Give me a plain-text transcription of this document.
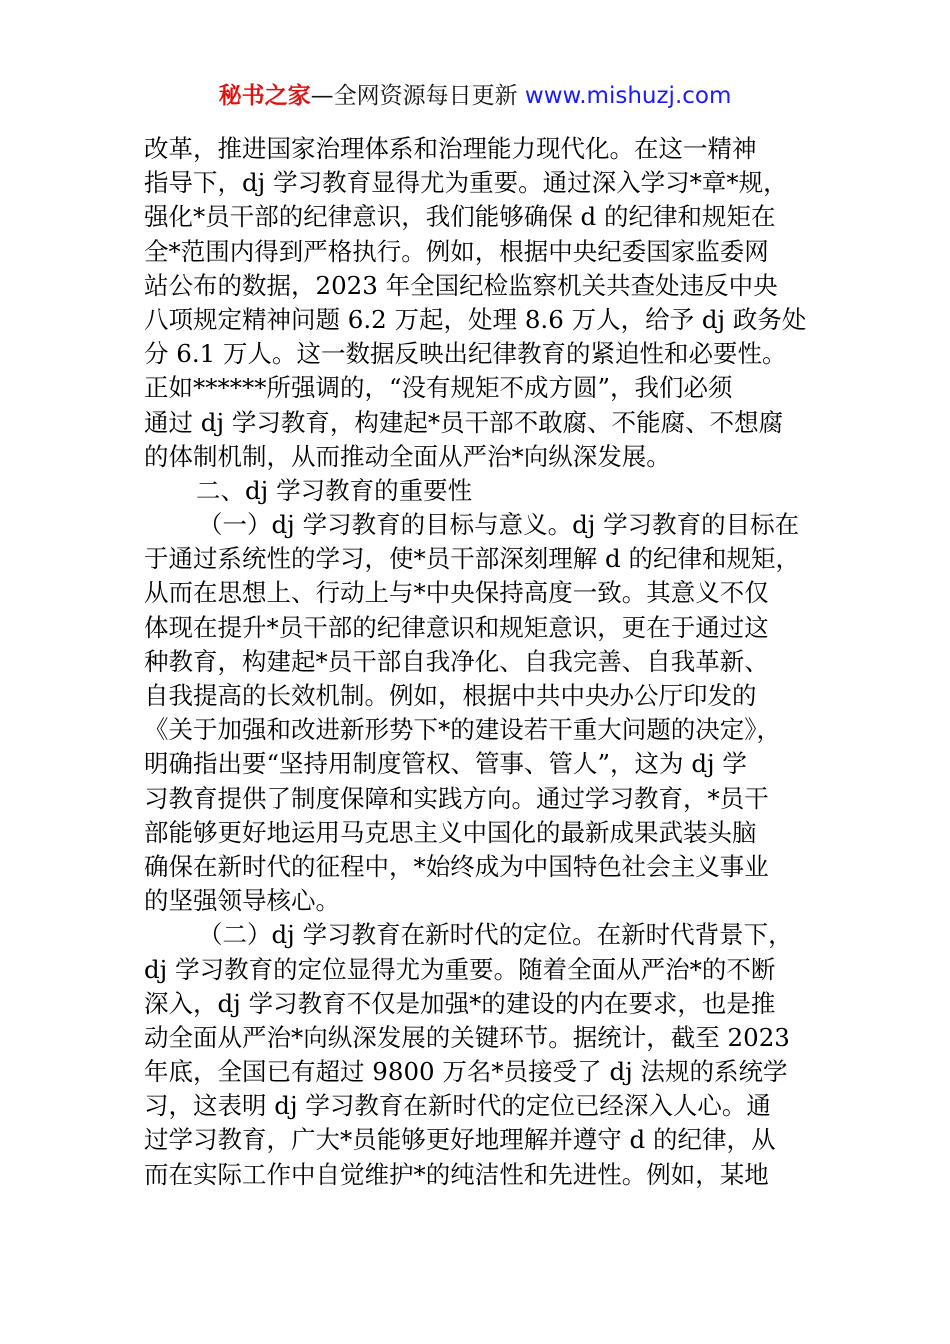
秘书之家—全网资源每日更新 www.mishuzj.com
改革，推进国家治理体系和治理能力现代化。在这一精神
指导下，dj 学习教育显得尤为重要。通过深入学习*章*规，
强化*员干部的纪律意识，我们能够确保 d 的纪律和规矩在
全*范围内得到严格执行。例如，根据中央纪委国家监委网
站公布的数据，2023 年全国纪检监察机关共查处违反中央
八项规定精神问题 6.2 万起，处理 8.6 万人，给予 dj 政务处
分 6.1 万人。这一数据反映出纪律教育的紧迫性和必要性。
正如******所强调的，“没有规矩不成方圆”，我们必须
通过 dj 学习教育，构建起*员干部不敢腐、不能腐、不想腐
的体制机制，从而推动全面从严治*向纵深发展。
二、dj 学习教育的重要性
（一）dj 学习教育的目标与意义。dj 学习教育的目标在
于通过系统性的学习，使*员干部深刻理解 d 的纪律和规矩，
从而在思想上、行动上与*中央保持高度一致。其意义不仅
体现在提升*员干部的纪律意识和规矩意识，更在于通过这
种教育，构建起*员干部自我净化、自我完善、自我革新、
自我提高的长效机制。例如，根据中共中央办公厅印发的
《关于加强和改进新形势下*的建设若干重大问题的决定》，
明确指出要“坚持用制度管权、管事、管人”，这为 dj 学
习教育提供了制度保障和实践方向。通过学习教育，*员干
部能够更好地运用马克思主义中国化的最新成果武装头脑
确保在新时代的征程中，*始终成为中国特色社会主义事业
的坚强领导核心。
（二）dj 学习教育在新时代的定位。在新时代背景下，
dj 学习教育的定位显得尤为重要。随着全面从严治*的不断
深入，dj 学习教育不仅是加强*的建设的内在要求，也是推
动全面从严治*向纵深发展的关键环节。据统计，截至 2023
年底，全国已有超过 9800 万名*员接受了 dj 法规的系统学
习，这表明 dj 学习教育在新时代的定位已经深入人心。通
过学习教育，广大*员能够更好地理解并遵守 d 的纪律，从
而在实际工作中自觉维护*的纯洁性和先进性。例如，某地
